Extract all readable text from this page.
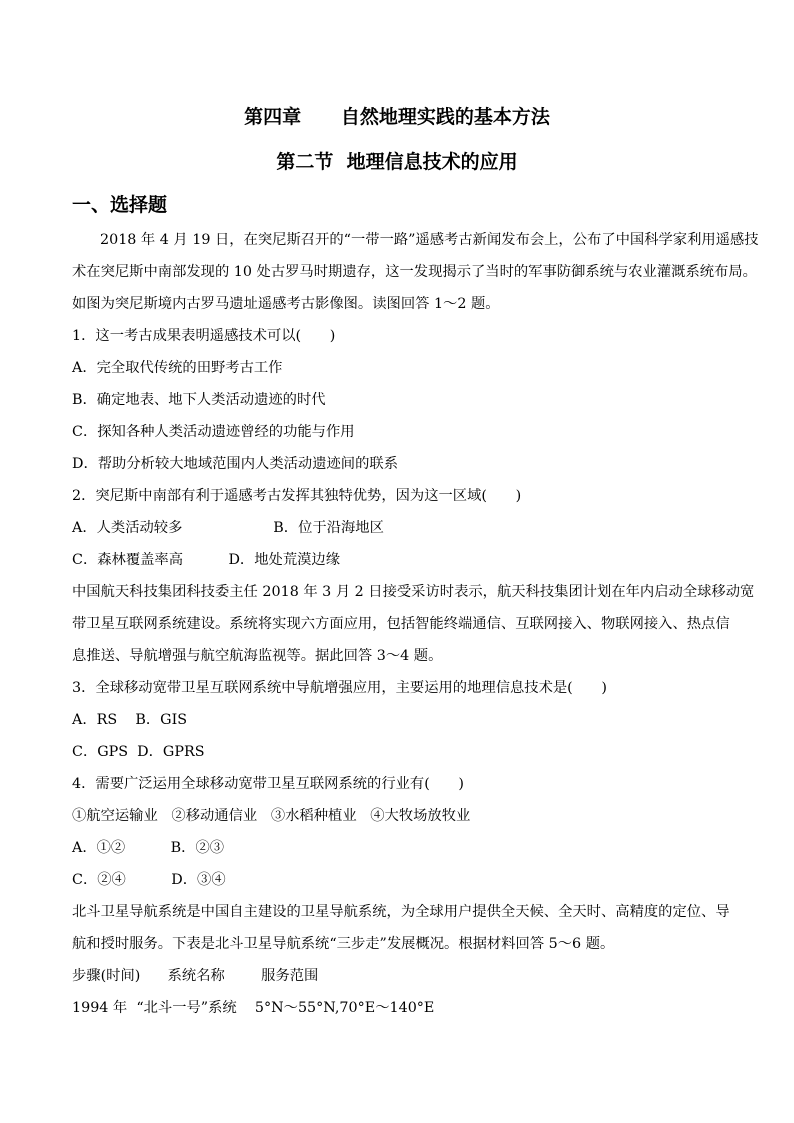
第四章      自然地理实践的基本方法
第二节  地理信息技术的应用
一、选择题
2018 年 4 月 19 日，在突尼斯召开的“一带一路”遥感考古新闻发布会上，公布了中国科学家利用遥感技
术在突尼斯中南部发现的 10 处古罗马时期遗存，这一发现揭示了当时的军事防御系统与农业灌溉系统布局。
如图为突尼斯境内古罗马遗址遥感考古影像图。读图回答 1～2 题。
1．这一考古成果表明遥感技术可以(　　)
A．完全取代传统的田野考古工作
B．确定地表、地下人类活动遗迹的时代
C．探知各种人类活动遗迹曾经的功能与作用
D．帮助分析较大地域范围内人类活动遗迹间的联系
2．突尼斯中南部有利于遥感考古发挥其独特优势，因为这一区域(　　)
A．人类活动较多                    B．位于沿海地区
C．森林覆盖率高          D．地处荒漠边缘
中国航天科技集团科技委主任 2018 年 3 月 2 日接受采访时表示，航天科技集团计划在年内启动全球移动宽
带卫星互联网系统建设。系统将实现六方面应用，包括智能终端通信、互联网接入、物联网接入、热点信
息推送、导航增强与航空航海监视等。据此回答 3～4 题。
3．全球移动宽带卫星互联网系统中导航增强应用，主要运用的地理信息技术是(　　)
A．RS    B．GIS
C．GPS  D．GPRS
4．需要广泛运用全球移动宽带卫星互联网系统的行业有(　　)
①航空运输业   ②移动通信业   ③水稻种植业   ④大牧场放牧业
A．①②          B．②③
C．②④          D．③④
北斗卫星导航系统是中国自主建设的卫星导航系统，为全球用户提供全天候、全天时、高精度的定位、导
航和授时服务。下表是北斗卫星导航系统“三步走”发展概况。根据材料回答 5～6 题。
步骤(时间)      系统名称        服务范围
1994 年  “北斗一号”系统    5°N～55°N,70°E～140°E
